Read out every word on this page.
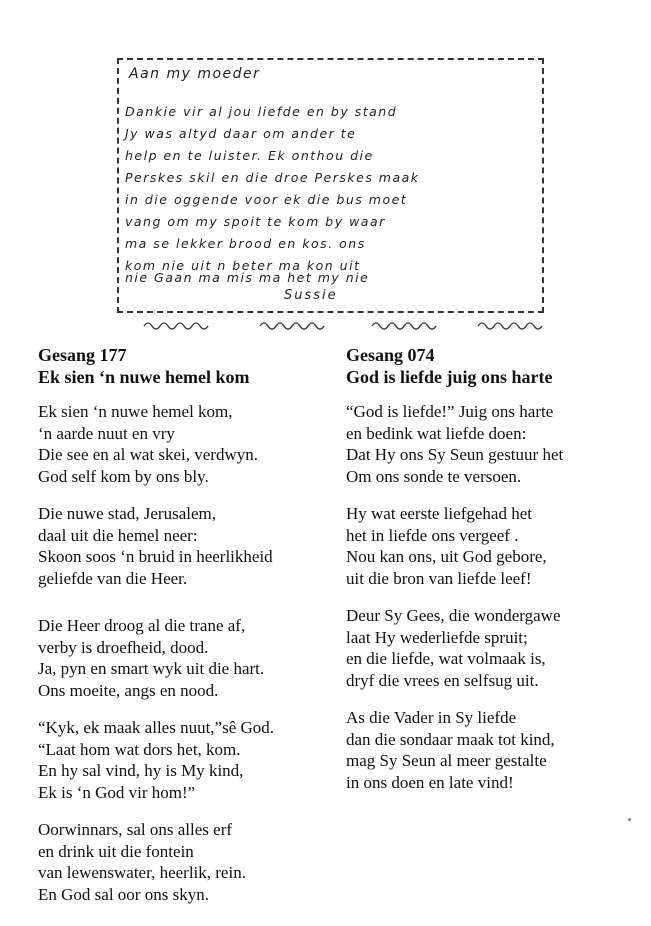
Aan my moeder
Dankie vir al jou liefde en by stand
Jy was altyd daar om ander te
help en te luister. Ek onthou die
Perskes skil en die droe Perskes maak
in die oggende voor ek die bus moet
vang om my spoit te kom by waar
ma se lekker brood en kos. ons
kom nie uit n beter ma kon uit
nie Gaan ma mis ma het my nie
Sussie
Gesang 177
Ek sien ‘n nuwe hemel kom
Ek sien ‘n nuwe hemel kom,
‘n aarde nuut en vry
Die see en al wat skei, verdwyn.
God self kom by ons bly.
Die nuwe stad, Jerusalem,
daal uit die hemel neer:
Skoon soos ‘n bruid in heerlikheid
geliefde van die Heer.
Die Heer droog al die trane af,
verby is droefheid, dood.
Ja, pyn en smart wyk uit die hart.
Ons moeite, angs en nood.
“Kyk, ek maak alles nuut,”sê God.
“Laat hom wat dors het, kom.
En hy sal vind, hy is My kind,
Ek is ‘n God vir hom!”
Oorwinnars, sal ons alles erf
en drink uit die fontein
van lewenswater, heerlik, rein.
En God sal oor ons skyn.
Gesang 074
God is liefde juig ons harte
“God is liefde!” Juig ons harte
en bedink wat liefde doen:
Dat Hy ons Sy Seun gestuur het
Om ons sonde te versoen.
Hy wat eerste liefgehad het
het in liefde ons vergeef .
Nou kan ons, uit God gebore,
uit die bron van liefde leef!
Deur Sy Gees, die wondergawe
laat Hy wederliefde spruit;
en die liefde, wat volmaak is,
dryf die vrees en selfsug uit.
As die Vader in Sy liefde
dan die sondaar maak tot kind,
mag Sy Seun al meer gestalte
in ons doen en late vind!
